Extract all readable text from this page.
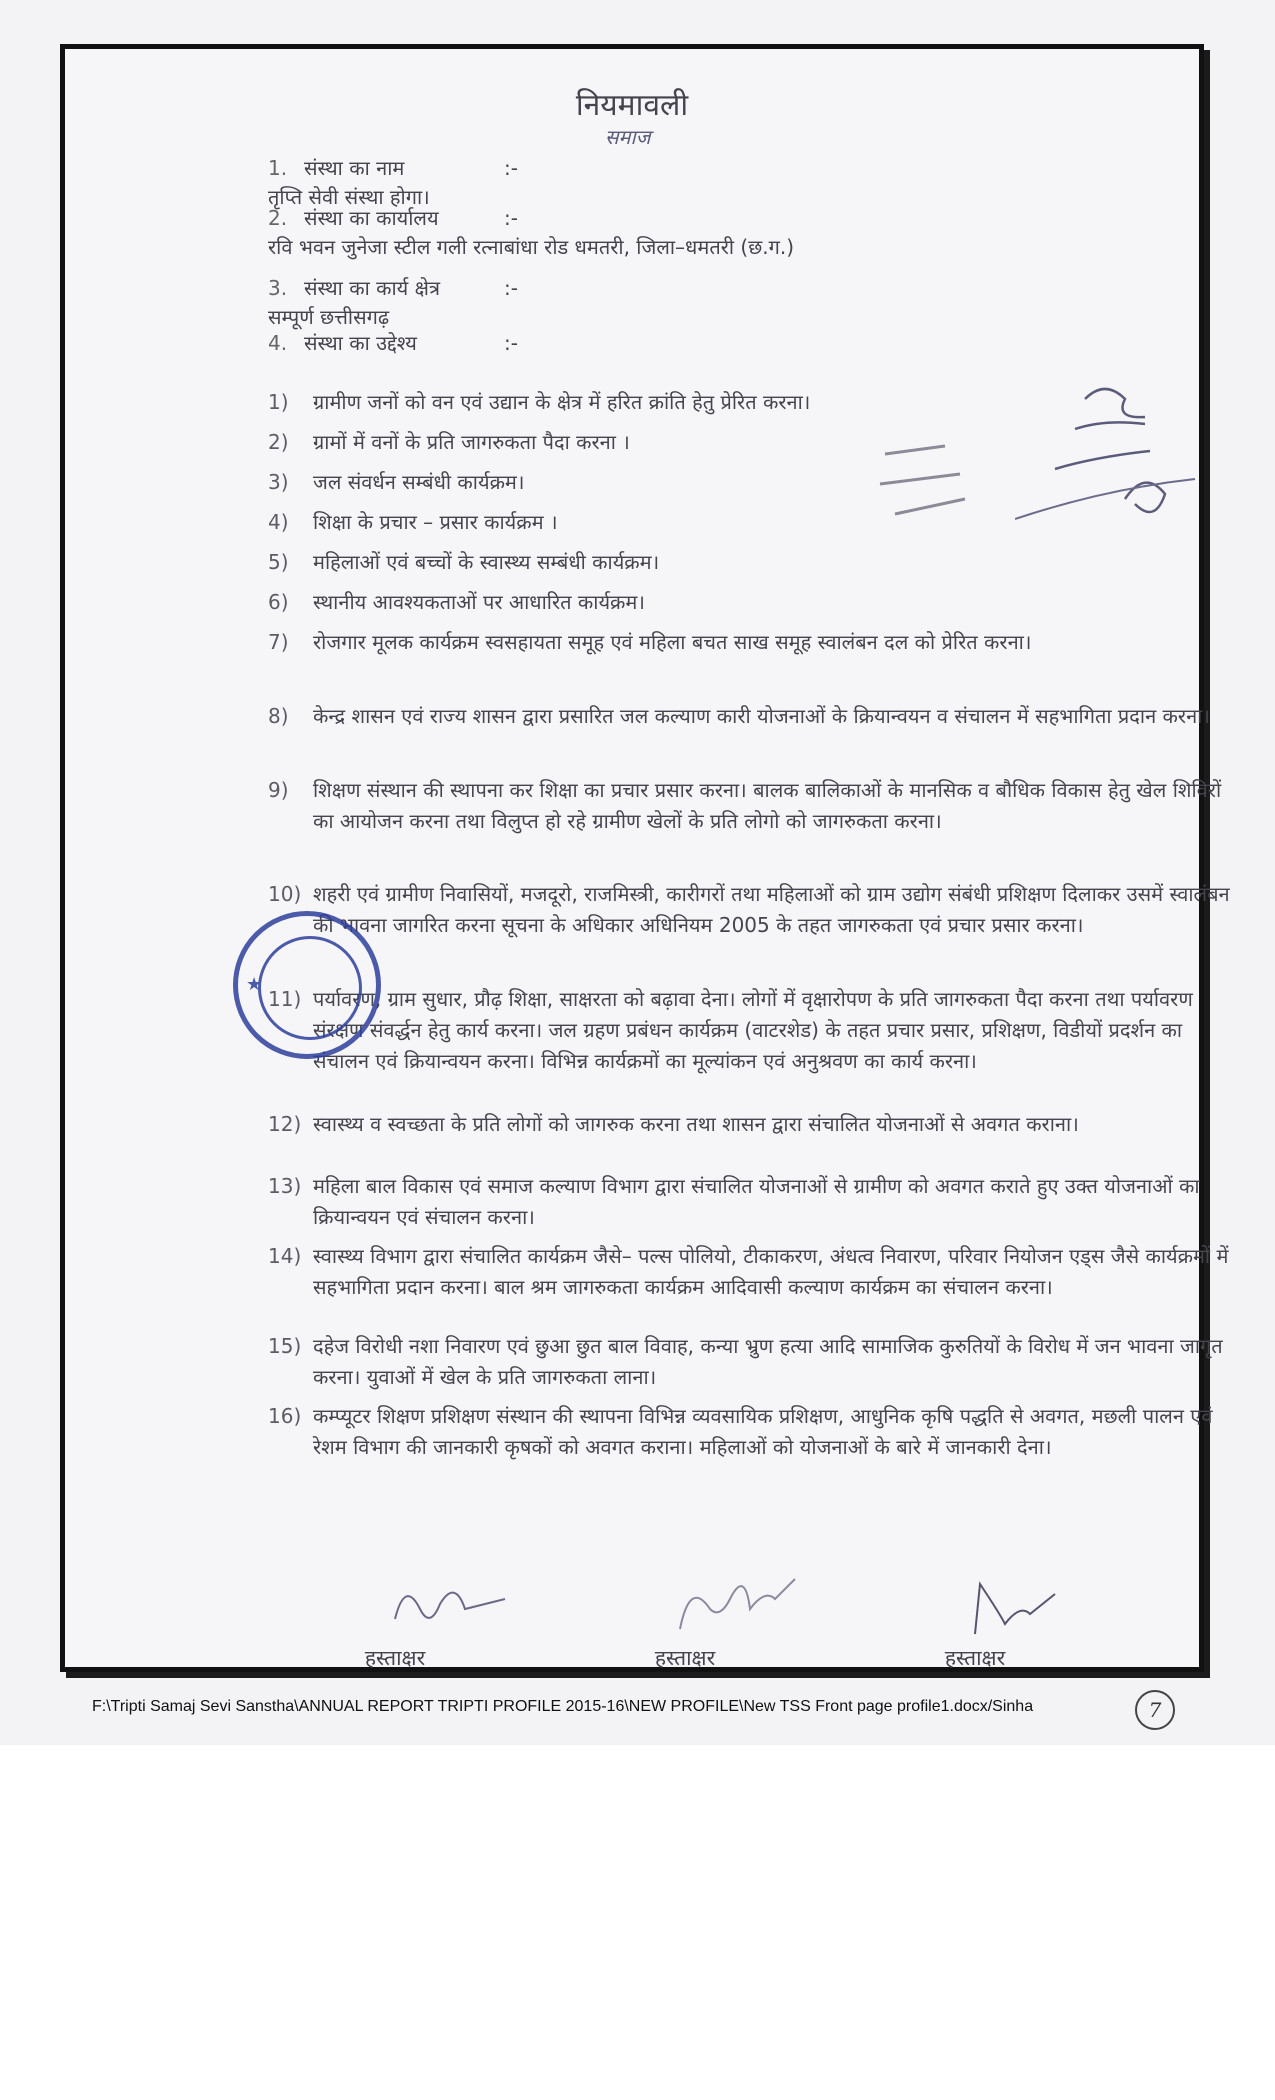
नियमावली
समाज
1. संस्था का नाम	:-तृप्ति सेवी संस्था होगा।
2. संस्था का कार्यालय	:-रवि भवन जुनेजा स्टील गली रत्नाबांधा रोड धमतरी, जिला–धमतरी (छ.ग.)
3. संस्था का कार्य क्षेत्र	:-सम्पूर्ण छत्तीसगढ़
4. संस्था का उद्देश्य	:-
1)	ग्रामीण जनों को वन एवं उद्यान के क्षेत्र में हरित क्रांति हेतु प्रेरित करना।
2)	ग्रामों में वनों के प्रति जागरुकता पैदा करना ।
3)	जल संवर्धन सम्बंधी कार्यक्रम।
4)	शिक्षा के प्रचार – प्रसार कार्यक्रम ।
5)	महिलाओं एवं बच्चों के स्वास्थ्य सम्बंधी कार्यक्रम।
6)	स्थानीय आवश्यकताओं पर आधारित कार्यक्रम।
7)	रोजगार मूलक कार्यक्रम स्वसहायता समूह एवं महिला बचत साख समूह स्वालंबन दल को प्रेरित करना।
8)	केन्द्र शासन एवं राज्य शासन द्वारा प्रसारित जल कल्याण कारी योजनाओं के क्रियान्वयन व संचालन में सहभागिता प्रदान करना।
9)	शिक्षण संस्थान की स्थापना कर शिक्षा का प्रचार प्रसार करना। बालक बालिकाओं के मानसिक व बौधिक विकास हेतु खेल शिविरों का आयोजन करना तथा विलुप्त हो रहे ग्रामीण खेलों के प्रति लोगो को जागरुकता करना।
10) शहरी एवं ग्रामीण निवासियों, मजदूरो, राजमिस्त्री, कारीगरों तथा महिलाओं को ग्राम उद्योग संबंधी प्रशिक्षण दिलाकर उसमें स्वालंबन की भावना जागरित करना सूचना के अधिकार अधिनियम 2005 के तहत जागरुकता एवं प्रचार प्रसार करना।
11) पर्यावरण, ग्राम सुधार, प्रौढ़ शिक्षा, साक्षरता को बढ़ावा देना। लोगों में वृक्षारोपण के प्रति जागरुकता पैदा करना तथा पर्यावरण संरक्षण संवर्द्धन हेतु कार्य करना। जल ग्रहण प्रबंधन कार्यक्रम (वाटरशेड) के तहत प्रचार प्रसार, प्रशिक्षण, विडीयों प्रदर्शन का संचालन एवं क्रियान्वयन करना। विभिन्न कार्यक्रमों का मूल्यांकन एवं अनुश्रवण का कार्य करना।
12) स्वास्थ्य व स्वच्छता के प्रति लोगों को जागरुक करना तथा शासन द्वारा संचालित योजनाओं से अवगत कराना।
13) महिला बाल विकास एवं समाज कल्याण विभाग द्वारा संचालित योजनाओं से ग्रामीण को अवगत कराते हुए उक्त योजनाओं का क्रियान्वयन एवं संचालन करना।
14) स्वास्थ्य विभाग द्वारा संचालित कार्यक्रम जैसे– पल्स पोलियो, टीकाकरण, अंधत्व निवारण, परिवार नियोजन एड्स जैसे कार्यक्रमों में सहभागिता प्रदान करना। बाल श्रम जागरुकता कार्यक्रम आदिवासी कल्याण कार्यक्रम का संचालन करना।
15) दहेज विरोधी नशा निवारण एवं छुआ छुत बाल विवाह, कन्या भ्रुण हत्या आदि सामाजिक कुरुतियों के विरोध में जन भावना जागृत करना। युवाओं में खेल के प्रति जागरुकता लाना।
16) कम्प्यूटर शिक्षण प्रशिक्षण संस्थान की स्थापना विभिन्न व्यवसायिक प्रशिक्षण, आधुनिक कृषि पद्धति से अवगत, मछली पालन एवं रेशम विभाग की जानकारी कृषकों को अवगत कराना। महिलाओं को योजनाओं के बारे में जानकारी देना।
★
हस्ताक्षर	हस्ताक्षर	हस्ताक्षर
F:\Tripti Samaj Sevi Sanstha\ANNUAL REPORT TRIPTI PROFILE 2015-16\NEW PROFILE\New TSS Front page profile1.docx/Sinha	7
